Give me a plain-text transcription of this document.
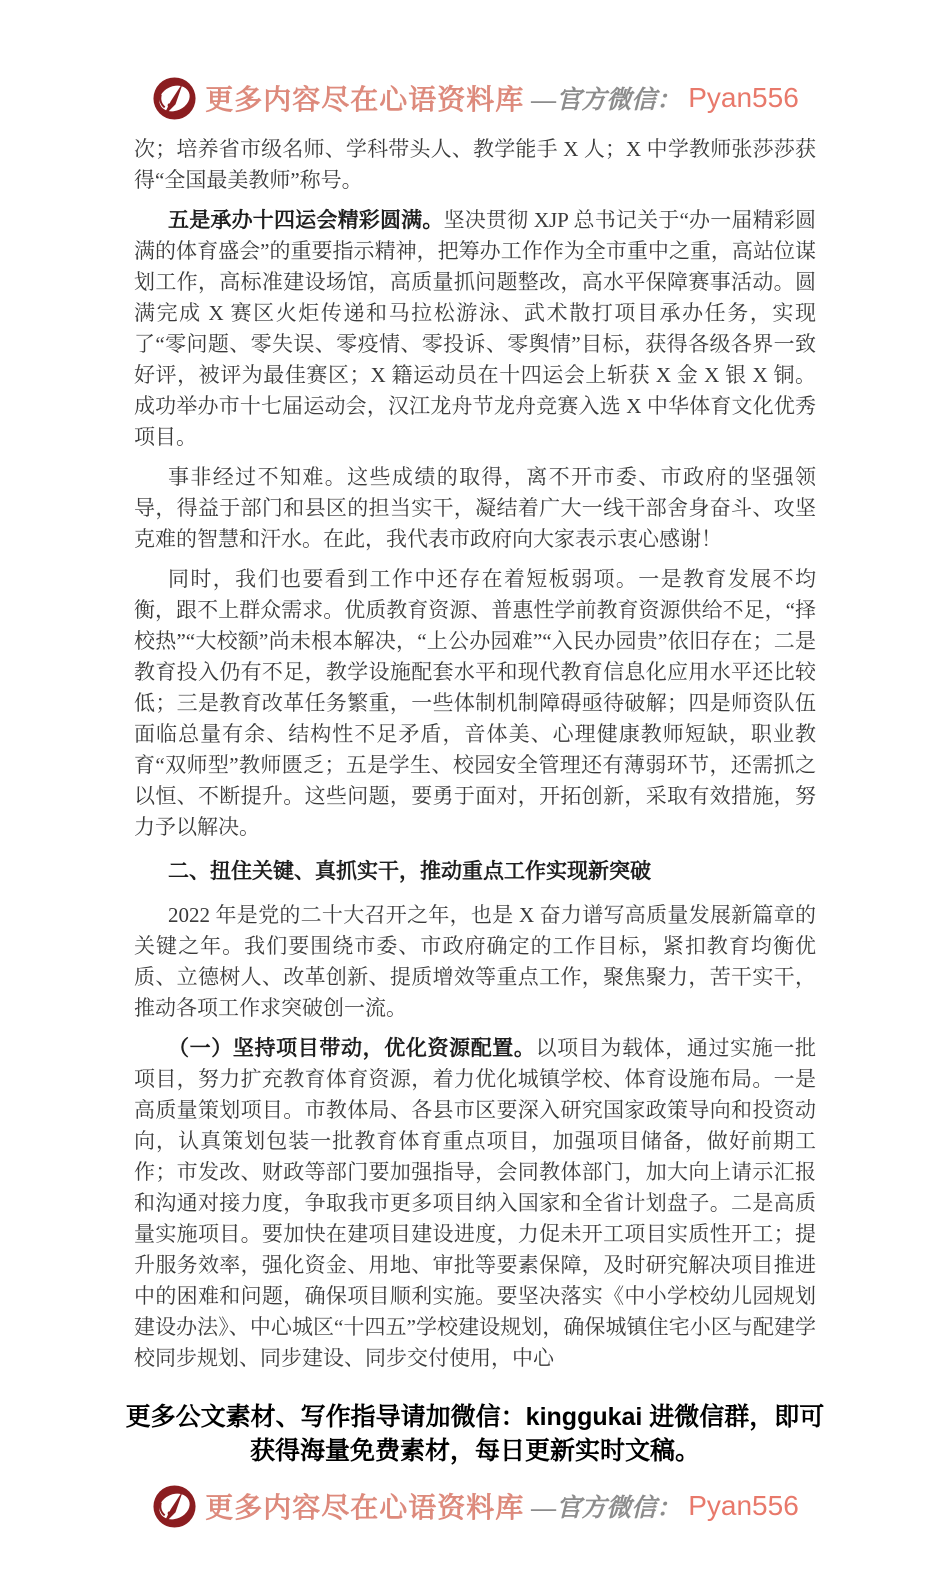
更多内容尽在心语资料库 —官方微信： Pyan556

次；培养省市级名师、学科带头人、教学能手 X 人；X 中学教师张莎莎获得“全国最美教师”称号。

五是承办十四运会精彩圆满。坚决贯彻 XJP 总书记关于“办一届精彩圆满的体育盛会”的重要指示精神，把筹办工作作为全市重中之重，高站位谋划工作，高标准建设场馆，高质量抓问题整改，高水平保障赛事活动。圆满完成 X 赛区火炬传递和马拉松游泳、武术散打项目承办任务，实现了“零问题、零失误、零疫情、零投诉、零舆情”目标，获得各级各界一致好评，被评为最佳赛区；X 籍运动员在十四运会上斩获 X 金 X 银 X 铜。成功举办市十七届运动会，汉江龙舟节龙舟竞赛入选 X 中华体育文化优秀项目。

事非经过不知难。这些成绩的取得，离不开市委、市政府的坚强领导，得益于部门和县区的担当实干，凝结着广大一线干部舍身奋斗、攻坚克难的智慧和汗水。在此，我代表市政府向大家表示衷心感谢！

同时，我们也要看到工作中还存在着短板弱项。一是教育发展不均衡，跟不上群众需求。优质教育资源、普惠性学前教育资源供给不足，“择校热”“大校额”尚未根本解决，“上公办园难”“入民办园贵”依旧存在；二是教育投入仍有不足，教学设施配套水平和现代教育信息化应用水平还比较低；三是教育改革任务繁重，一些体制机制障碍亟待破解；四是师资队伍面临总量有余、结构性不足矛盾，音体美、心理健康教师短缺，职业教育“双师型”教师匮乏；五是学生、校园安全管理还有薄弱环节，还需抓之以恒、不断提升。这些问题，要勇于面对，开拓创新，采取有效措施，努力予以解决。

二、扭住关键、真抓实干，推动重点工作实现新突破

2022 年是党的二十大召开之年，也是 X 奋力谱写高质量发展新篇章的关键之年。我们要围绕市委、市政府确定的工作目标，紧扣教育均衡优质、立德树人、改革创新、提质增效等重点工作，聚焦聚力，苦干实干，推动各项工作求突破创一流。

（一）坚持项目带动，优化资源配置。以项目为载体，通过实施一批项目，努力扩充教育体育资源，着力优化城镇学校、体育设施布局。一是高质量策划项目。市教体局、各县市区要深入研究国家政策导向和投资动向，认真策划包装一批教育体育重点项目，加强项目储备，做好前期工作；市发改、财政等部门要加强指导，会同教体部门，加大向上请示汇报和沟通对接力度，争取我市更多项目纳入国家和全省计划盘子。二是高质量实施项目。要加快在建项目建设进度，力促未开工项目实质性开工；提升服务效率，强化资金、用地、审批等要素保障，及时研究解决项目推进中的困难和问题，确保项目顺利实施。要坚决落实《中小学校幼儿园规划建设办法》、中心城区“十四五”学校建设规划，确保城镇住宅小区与配建学校同步规划、同步建设、同步交付使用，中心

更多公文素材、写作指导请加微信：kinggukai 进微信群，即可
获得海量免费素材，每日更新实时文稿。
更多内容尽在心语资料库 —官方微信： Pyan556
